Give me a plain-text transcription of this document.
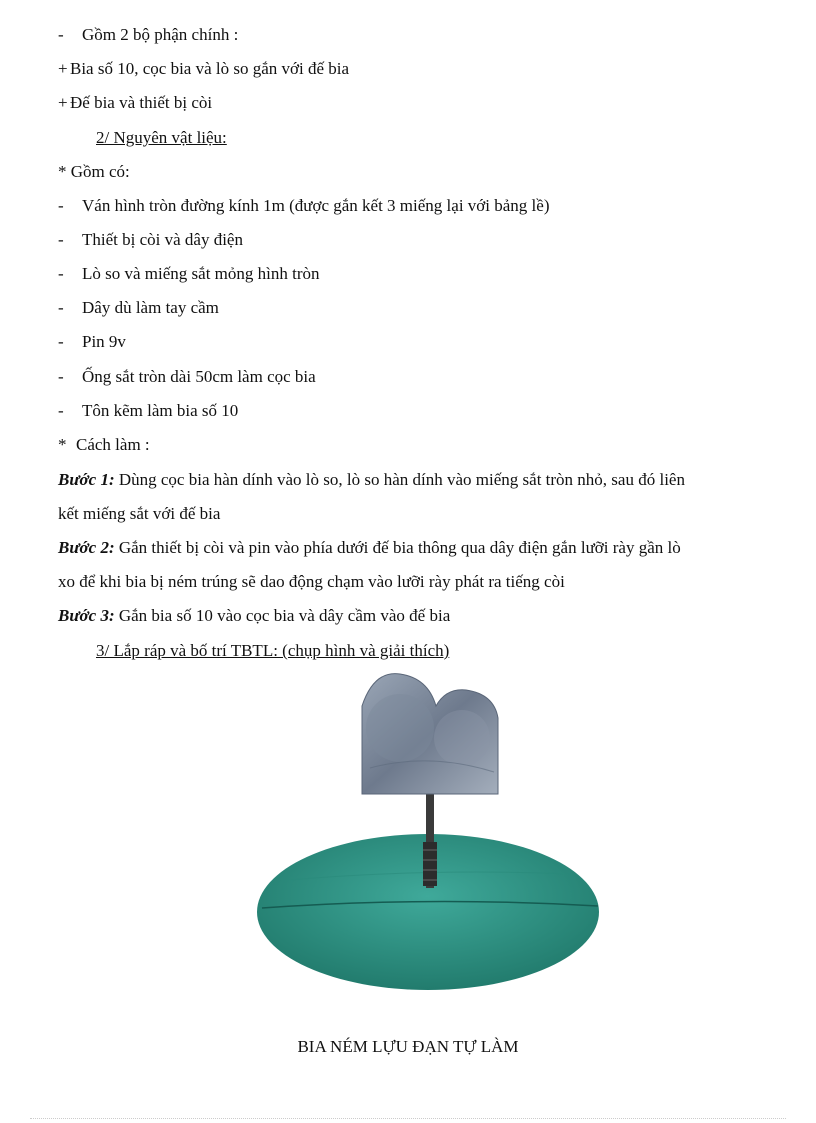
- Gồm 2 bộ phận chính :
+ Bia số 10, cọc bia và lò so gắn với đế bia
+ Đế bia và thiết bị còi
2/ Nguyên vật liệu:
* Gồm có:
- Ván hình tròn đường kính 1m (được gắn kết 3 miếng lại với bảng lề)
- Thiết bị còi và dây điện
- Lò so và miếng sắt mỏng hình tròn
- Dây dù làm tay cầm
- Pin 9v
- Ống sắt tròn dài 50cm làm cọc bia
- Tôn kẽm làm bia số 10
* Cách làm :
Bước 1: Dùng cọc bia hàn dính vào lò so, lò so hàn dính vào miếng sắt tròn nhỏ, sau đó liên
kết miếng sắt với đế bia
Bước 2: Gắn thiết bị còi và pin vào phía dưới đế bia thông qua dây điện gắn lưỡi rày gần lò
xo để khi bia bị ném trúng sẽ dao động chạm vào lưỡi rày phát ra tiếng còi
Bước 3: Gắn bia số 10 vào cọc bia và dây cầm vào đế bia
3/ Lắp ráp và bố trí TBTL: (chụp hình và giải thích)
BIA NÉM LỰU ĐẠN TỰ LÀM
